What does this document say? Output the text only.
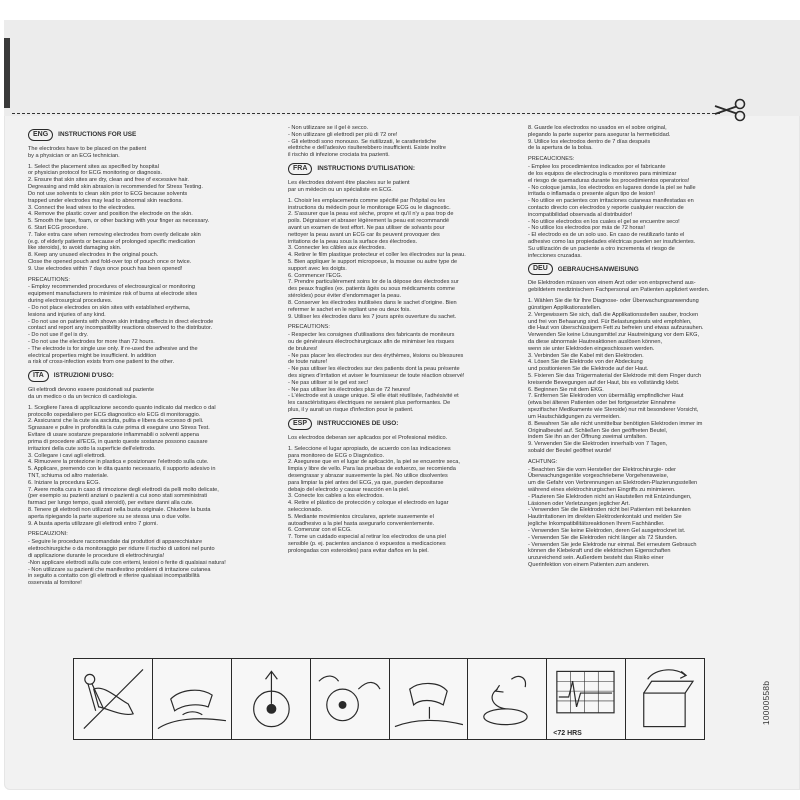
ENG	INSTRUCTIONS FOR USE
The electrodes have to be placed on the patient
by a physician or an ECG technician.
1. Select the placement sites as specified by hospital
or physician protocol for ECG monitoring or diagnosis.
2. Ensure that skin sites are dry, clean and free of excessive hair.
Degreasing and mild skin abrasion is recommended for Stress Testing.
Do not use solvents to clean skin prior to ECG because solvents
trapped under electrodes may lead to abnormal skin reactions.
3. Connect the lead wires to the electrodes.
4. Remove the plastic cover and position the electrode on the skin.
5. Smooth the tape, foam, or other backing with your finger as necessary.
6. Start ECG procedure.
7. Take extra care when removing electrodes from overly delicate skin
(e.g. of elderly patients or because of prolonged specific medication
like steroids), to avoid damaging skin.
8. Keep any unused electrodes in the original pouch.
Close the opened pouch and fold-over top of pouch once or twice.
9. Use electrodes within 7 days once pouch has been opened!
PRECAUTIONS:
- Employ recommended procedures of electrosurgical or monitoring
equipment manufacturers to minimize risk of burns at electrode sites
during electrosurgical procedures.
- Do not place electrodes on skin sites with established erythema,
lesions and injuries of any kind.
- Do not use on patients with shown skin irritating effects in direct electrode
contact and report any incompatibility reactions observed to the distributor.
- Do not use if gel is dry.
- Do not use the electrodes for more than 72 hours.
- The electrode is for single use only. If re-used the adhesive and the
electrical properties might be insufficient. In addition
a risk of cross-infection exists from one patient to the other.
ITA	ISTRUZIONI D'USO:
Gli elettrodi devono essere posizionati sul paziente
da un medico o da un tecnico di cardiologia.
1. Scegliere l'area di applicazione secondo quanto indicato dal medico o dal
protocollo ospedaliero per ECG diagnostico e/o ECG di monitoraggio.
2. Assicurarsi che la cute sia asciutta, pulita e libera da eccesso di peli.
Sgrassare e pulire in profondità la cute prima di eseguire uno Stress Test.
Evitare di usare sostanze preparatorie infiammabili o solventi appena
prima di procedere all'ECG, in quanto queste sostanze possono causare
irritazioni della cute sotto la superficie dell'elettrodo.
3. Collegare i cavi agli elettrodi.
4. Rimuovere la protezione in plastica e posizionare l'elettrodo sulla cute.
5. Applicare, premendo con le dita quanto necessario, il supporto adesivo in
TNT, schiuma od altro materiale.
6. Iniziare la procedura ECG.
7. Avere molta cura in caso di rimozione degli elettrodi da pelli molto delicate,
(per esempio su pazienti anziani o pazienti a cui sono stati somministrati
farmaci per lungo tempo, quali steroidi), per evitare danni alla cute.
8. Tenere gli elettrodi non utilizzati nella busta originale. Chiudere la busta
aperta ripiegando la parte superiore su se stessa una o due volte.
9. A busta aperta utilizzare gli elettrodi entro 7 giorni.
PRECAUZIONI:
- Seguire le procedure raccomandate dai produttori di apparecchiature
elettrochirurgiche o da monitoraggio per ridurre il rischio di ustioni nel punto
di applicazione durante le procedure di elettrochirurgia!
-Non applicare elettrodi sulla cute con eritemi, lesioni o ferite di qualsiasi natura!
- Non utilizzare su pazienti che manifestino problemi di irritazione cutanea
in seguito a contatto con gli elettrodi e riferire qualsiasi incompatibilità
osservata al fornitore!
- Non utilizzare se il gel è secco.
- Non utilizzare gli elettrodi per più di 72 ore!
- Gli elettrodi sono monouso. Se riutilizzati, le caratteristiche
elettriche e dell'adesivo risulterebbero insufficienti. Esiste inoltre
il rischio di infezione crociata tra pazienti.
FRA	INSTRUCTIONS D'UTILISATION:
Les électrodes doivent être placées sur le patient
par un médecin ou un spécialiste en ECG.
1. Choisir les emplacements comme spécifié par l'hôpital ou les
instructions du médecin pour le monitorage ECG ou le diagnostic.
2. S'assurer que la peau est sèche, propre et qu'il n'y a pas trop de
poils. Dégraisser et abraser légèrement la peau est recommandé
avant un examen de test effort. Ne pas utiliser de solvants pour
nettoyer la peau avant un ECG car ils peuvent provoquer des
irritations de la peau sous la surface des électrodes.
3. Connecter les câbles aux électrodes.
4. Retirer le film plastique protecteur et coller les électrodes sur la peau.
5. Bien appliquer le support micropoeux, la mousse ou autre type de
support avec les doigts.
6. Commencer l'ECG.
7. Prendre particulièrement soins lor de la dépose des électrodes sur
des peaux fragiles (ex. patients âgés ou sous médicaments comme
stéroïdes) pour éviter d'endommager la peau.
8. Conserver les électrodes inutilisées dans le sachet d'origine. Bien
refermer le sachet en le repliant une ou deux fois.
9. Utiliser les électrodes dans les 7 jours après ouverture du sachet.
PRECAUTIONS:
- Respecter les consignes d'utilisations des fabricants de moniteurs
ou de générateurs électrochirurgicaux afin de minimiser les risques
de brulures!
- Ne pas placer les électrodes sur des érythèmes, lésions ou blessures
de toute nature!
- Ne pas utiliser les électrodes sur des patients dont la peau présente
des signes d'irritation et aviser le fournisseur de toute réaction observé!
- Ne pas utiliser si le gel est sec!
- Ne pas utiliser les électrodes plus de 72 heures!
- L'électrode est à usage unique. Si elle était réutilisée, l'adhésivité et
les caractéristiques électriques ne seraient plus performantes. De
plus, il y aurait un risque d'infection pour le patient.
ESP	INSTRUCCIONES DE USO:
Los electrodos deberan ser aplicados por el Profesional médico.
1. Seleccione el lugar apropiado, de acuerdo con las indicaciones
para monitoreo de ECG o Diagnóstico.
2. Asegurese que en el lugar de aplicación, la piel se encuentre seca,
limpia y libre de vello. Para las pruebas de esfuerzo, se recomienda
desengrasar y abrazar suavemente la piel. No utilice disolventes
para limpiar la piel antes del ECG, ya que, pueden depositarse
debajo del electrodo y causar reacción en la piel.
3. Conecte los cables a los electrodos.
4. Retire el plástico de protección y coloque el electrodo en lugar
seleccionado.
5. Mediante movimientos circulares, apriete suavemente el
autoadhesivo a la piel hasta asegurarlo convenientemente.
6. Comenzar con el ECG.
7. Tome un cuidado especial al retirar los electrodos de una piel
sensible (p. ej. pacientes ancianos ó expuestos a medicaciones
prolongadas con esteroides) para evitar daños en la piel.
8. Guarde los electrodos no usados en el sobre original,
plegando la parte superior para asegurar la hermeticidad.
9. Utilice los electrodos dentro de 7 días después
de la apertura de la bolsa.
PRECAUCIONES:
- Emplee los procedimientos indicados por el fabricante
de los equipos de electrocirugía o monitoreo para minimizar
el riesgo de quemaduras durante los procedimientos operatorios!
- No coloque jamás, los electrodos en lugares donde la piel se halle
irritada o inflamada o presente algun tipo de lesion!
- No utilice en pacientes con irritaciones cutaneas manifestadas en
contacto directo con electrodos y reporte cualquier reaccion de
incompatibilidad observada al distribuidor!
- No utilice electrodos en los cuales el gel se encuentre seco!
- No utilice los electrodos por más de 72 horas!
- El electrodo es de un solo uso. En caso de reutilizarlo tanto el
adhesivo como las propiedades eléctricas pueden ser insuficientes.
Su utilización de un paciente a otro incrementa el riesgo de
infecciones cruzadas.
DEU	GEBRAUCHSANWEISUNG
Die Elektroden müssen von einem Arzt oder von entsprechend aus-
gebildetem medizinischem Fachpersonal am Patienten appliziert werden.
1. Wählen Sie die für Ihre Diagnose- oder Überwachungsanwendung
günstigen Applikationsstellen.
2. Vergewissern Sie sich, daß die Applikationsstellen sauber, trocken
und frei von Behaarung sind. Für Belastungstests wird empfohlen,
die Haut von überschüssigem Fett zu befreien und etwas aufzurauhen.
Verwenden Sie keine Lösungsmittel zur Hautreinigung vor dem EKG,
da diese abnormale Hautreaktionen auslösen können,
wenn sie unter Elektroden eingeschlossen werden.
3. Verbinden Sie die Kabel mit den Elektroden.
4. Lösen Sie die Elektrode von der Abdeckung
und positionieren Sie die Elektrode auf der Haut.
5. Fixieren Sie das Trägermaterial der Elektrode mit dem Finger durch
kreisende Bewegungen auf der Haut, bis es vollständig klebt.
6. Beginnen Sie mit dem EKG.
7. Entfernen Sie Elektroden von übermäßig empfindlicher Haut
(etwa bei älteren Patienten oder bei fortgesetzter Einnahme
spezifischer Medikamente wie Steroide) nur mit besonderer Vorsicht,
um Hautschädigungen zu vermeiden.
8. Bewahren Sie alle nicht unmittelbar benötigten Elektroden immer im
Originalbeutel auf. Schließen Sie den geöffneten Beutel,
indem Sie ihn an der Öffnung zweimal umfalten.
9. Verwenden Sie die Elektroden innerhalb von 7 Tagen,
sobald der Beutel geöffnet wurde!
ACHTUNG:
- Beachten Sie die vom Hersteller der Elektrochirurgie- oder
Überwachungsgeräte vorgeschriebene Vorgehensweise,
um die Gefahr von Verbrennungen an Elektroden-Plazierungsstellen
während eines elektrochirurgischen Eingriffs zu minimieren.
- Plazieren Sie Elektroden nicht an Hautstellen mit Entzündungen,
Läsionen oder Verletzungen jeglicher Art.
- Verwenden Sie die Elektroden nicht bei Patienten mit bekannten
Hautirritationen im direkten Elektrodenkontakt und melden Sie
jegliche Inkompatibilitätsreaktionen Ihrem Fachhändler.
- Verwenden Sie keine Elektroden, deren Gel ausgetrocknet ist.
- Verwenden Sie die Elektroden nicht länger als 72 Stunden.
- Verwenden Sie jede Elektrode nur einmal. Bei erneutem Gebrauch
können die Klebekraft und die elektrischen Eigenschaften
unzureichend sein. Außerdem besteht das Risiko einer
Querinfektion von einem Patienten zum anderen.
<72 HRS
10000558b
